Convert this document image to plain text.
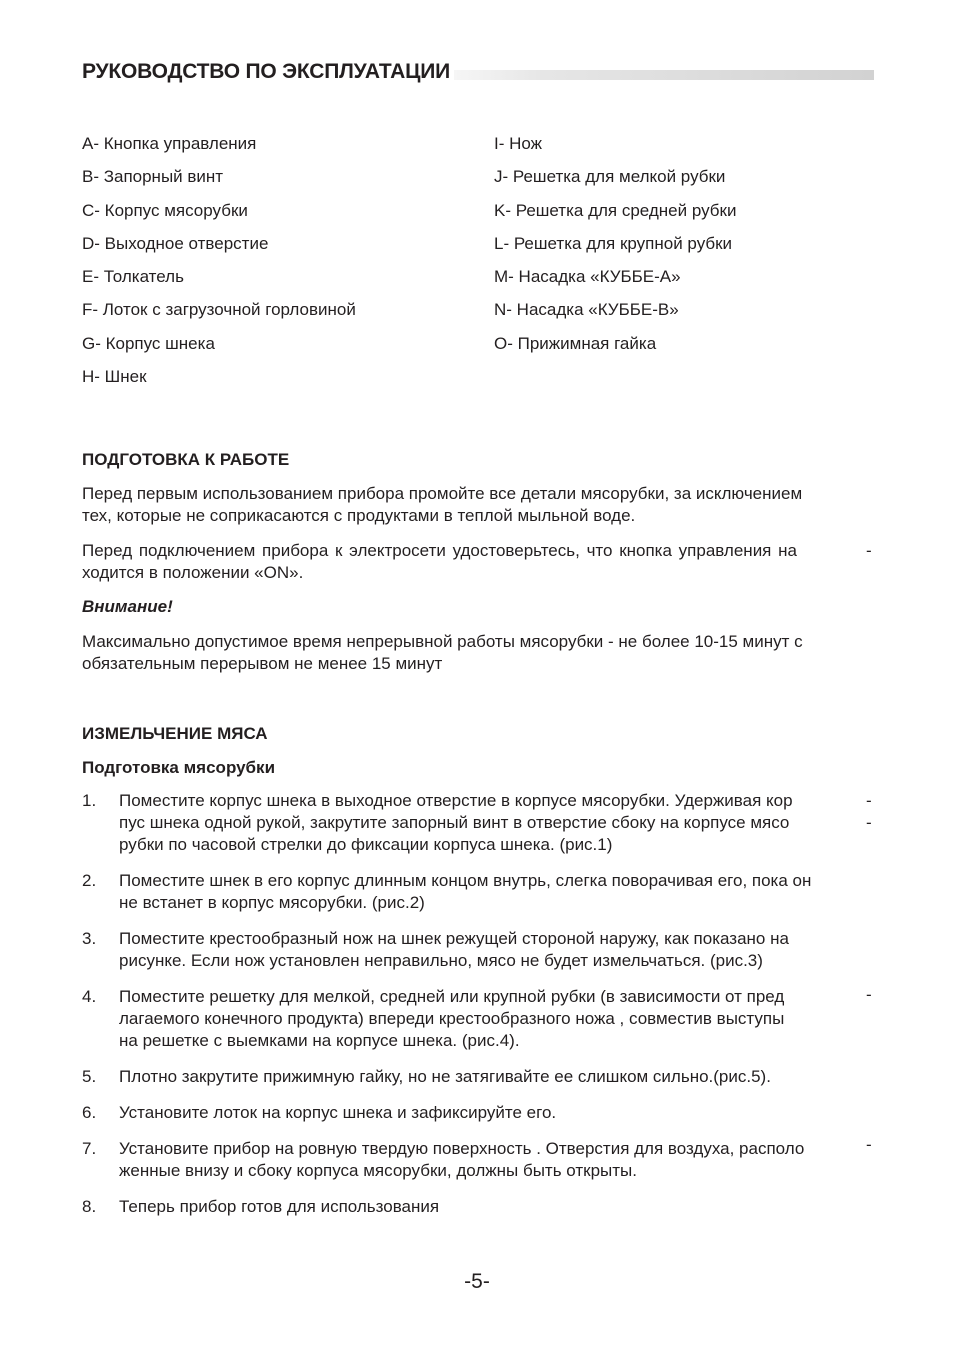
РУКОВОДСТВО ПО ЭКСПЛУАТАЦИИ
A- Кнопка управления
B- Запорный винт
C- Корпус мясорубки
D- Выходное отверстие
E- Толкатель
F- Лоток с загрузочной горловиной
G- Корпус шнека
H- Шнек
I- Нож
J- Решетка для мелкой рубки
K- Решетка для средней рубки
L- Решетка для крупной рубки
M- Насадка «КУББЕ-А»
N- Насадка «КУББЕ-В»
O- Прижимная гайка
ПОДГОТОВКА К РАБОТЕ
Перед первым использованием прибора промойте все детали мясорубки, за исключением
тех, которые не соприкасаются с продуктами в теплой мыльной воде.
Перед подключением прибора к электросети удостоверьтесь, что кнопка управления на
ходится в положении «ON».
-
Внимание!
Максимально допустимое время непрерывной работы мясорубки - не более 10-15 минут с
обязательным перерывом не менее 15 минут
ИЗМЕЛЬЧЕНИЕ МЯСА
Подготовка мясорубки
1. Поместите корпус шнека в выходное отверстие в корпусе мясорубки. Удерживая кор
пус шнека одной рукой, закрутите запорный винт в отверстие сбоку на корпусе мясо
рубки по часовой стрелки до фиксации корпуса шнека. (рис.1)
2. Поместите шнек в его корпус длинным концом внутрь, слегка поворачивая его, пока он
не встанет в корпус мясорубки. (рис.2)
3. Поместите крестообразный нож на шнек режущей стороной наружу, как показано на
рисунке. Если нож установлен неправильно, мясо не будет измельчаться. (рис.3)
4. Поместите решетку для мелкой, средней или крупной рубки (в зависимости от пред
лагаемого конечного продукта) впереди крестообразного ножа , совместив выступы
на решетке с выемками на корпусе шнека. (рис.4).
5. Плотно закрутите прижимную гайку, но не затягивайте ее слишком сильно.(рис.5).
6. Установите лоток на корпус шнека и зафиксируйте его.
7. Установите прибор на ровную твердую поверхность . Отверстия для воздуха, располо
женные внизу и сбоку корпуса мясорубки, должны быть открыты.
8. Теперь прибор готов для использования
-
-
-
-
-5-
